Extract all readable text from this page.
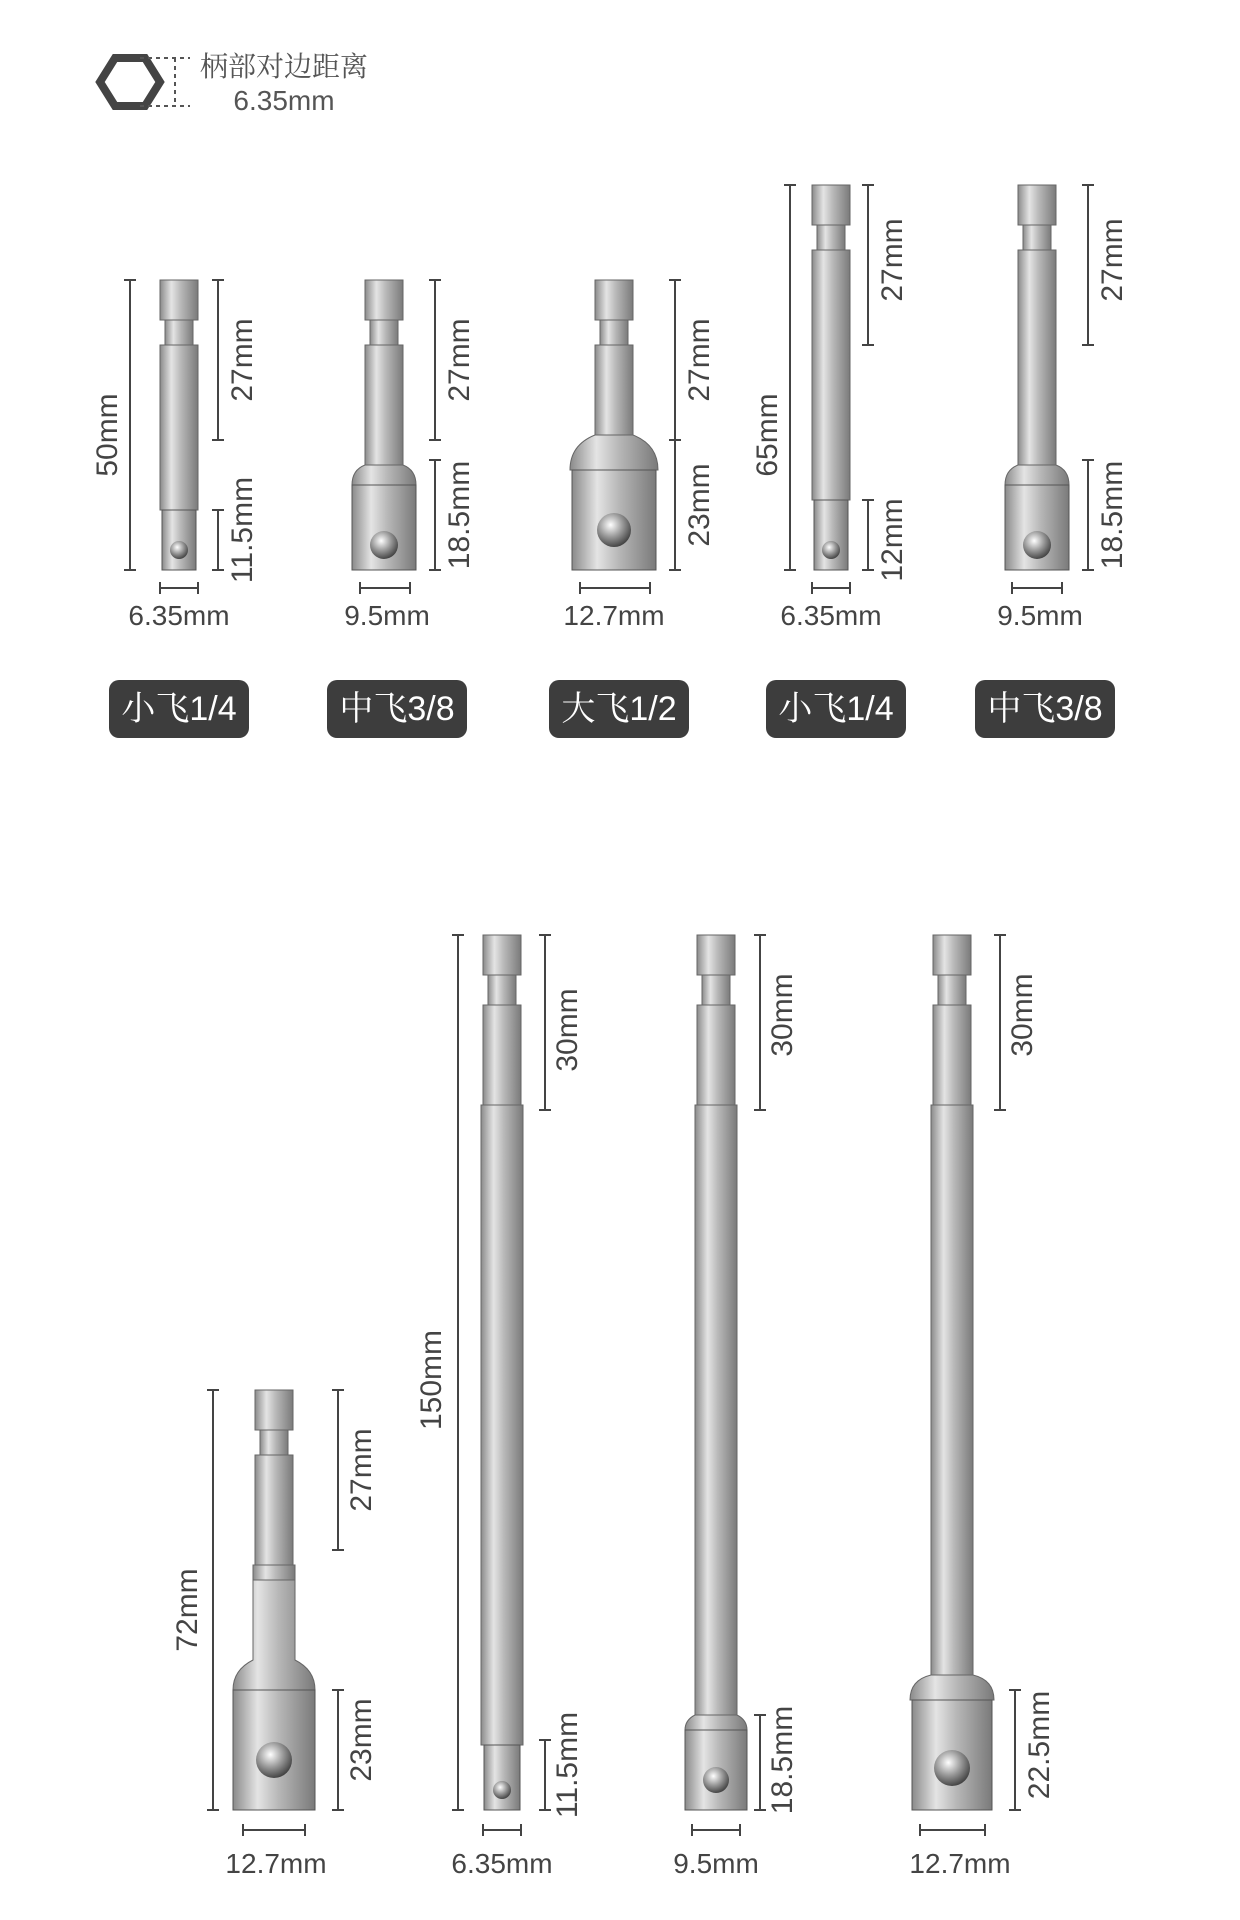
柄部对边距离
6.35mm
50mm
27mm
11.5mm
6.35mm
小飞1/4
27mm
18.5mm
9.5mm
中飞3/8
27mm
23mm
12.7mm
大飞1/2
65mm
27mm
12mm
6.35mm
小飞1/4
27mm
18.5mm
9.5mm
中飞3/8
72mm
27mm
23mm
12.7mm
150mm
30mm
11.5mm
6.35mm
30mm
18.5mm
9.5mm
30mm
22.5mm
12.7mm
